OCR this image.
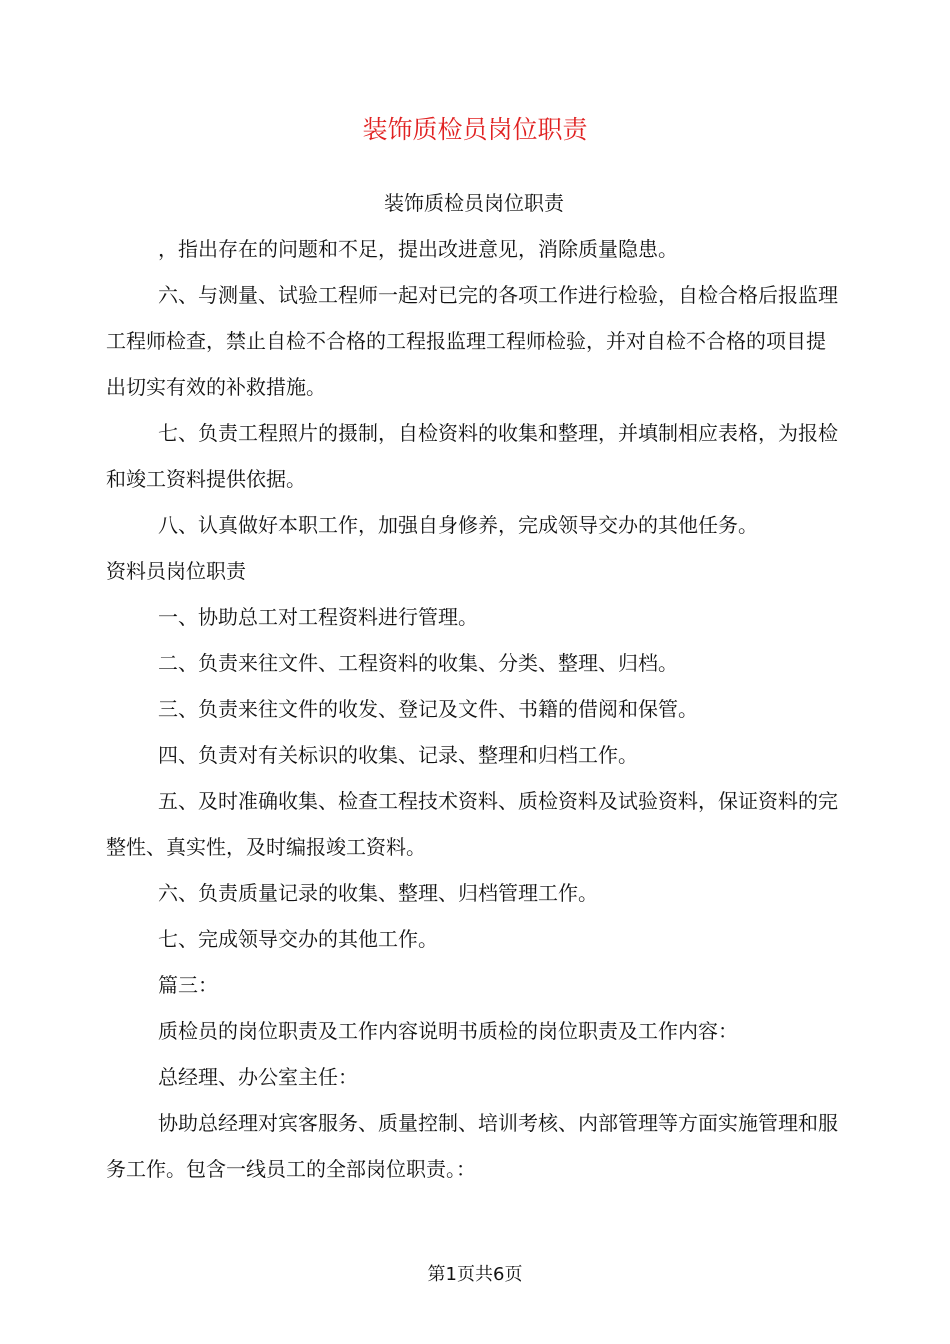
装饰质检员岗位职责

装饰质检员岗位职责

，指出存在的问题和不足，提出改进意见，消除质量隐患。

六、与测量、试验工程师一起对已完的各项工作进行检验，自检合格后报监理工程师检查，禁止自检不合格的工程报监理工程师检验，并对自检不合格的项目提出切实有效的补救措施。

七、负责工程照片的摄制，自检资料的收集和整理，并填制相应表格，为报检和竣工资料提供依据。

八、认真做好本职工作，加强自身修养，完成领导交办的其他任务。

资料员岗位职责

一、协助总工对工程资料进行管理。

二、负责来往文件、工程资料的收集、分类、整理、归档。

三、负责来往文件的收发、登记及文件、书籍的借阅和保管。

四、负责对有关标识的收集、记录、整理和归档工作。

五、及时准确收集、检查工程技术资料、质检资料及试验资料，保证资料的完整性、真实性，及时编报竣工资料。

六、负责质量记录的收集、整理、归档管理工作。

七、完成领导交办的其他工作。

篇三：

质检员的岗位职责及工作内容说明书质检的岗位职责及工作内容：

总经理、办公室主任：

协助总经理对宾客服务、质量控制、培训考核、内部管理等方面实施管理和服务工作。包含一线员工的全部岗位职责。：

第1页共6页
